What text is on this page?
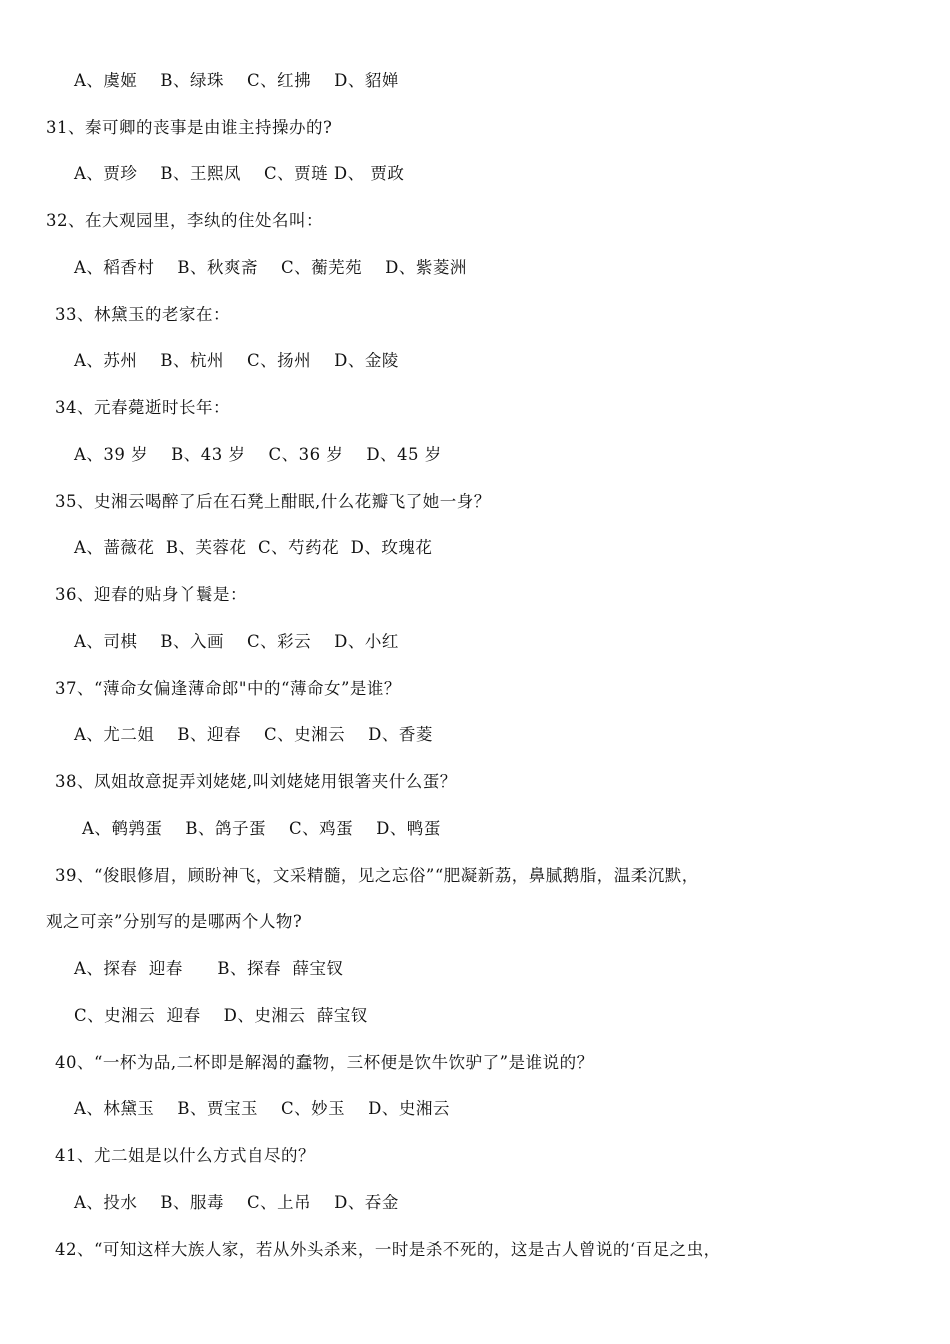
A、虞姬    B、绿珠    C、红拂    D、貂婵
31、秦可卿的丧事是由谁主持操办的?
A、贾珍    B、王熙凤    C、贾琏 D、 贾政
32、在大观园里，李纨的住处名叫：
A、稻香村    B、秋爽斋    C、蘅芜苑    D、紫菱洲
33、林黛玉的老家在：
A、苏州    B、杭州    C、扬州    D、金陵
34、元春薨逝时长年：
A、39 岁    B、43 岁    C、36 岁    D、45 岁
35、史湘云喝醉了后在石凳上酣眠,什么花瓣飞了她一身？
A、蔷薇花  B、芙蓉花  C、芍药花  D、玫瑰花
36、迎春的贴身丫鬟是：
A、司棋    B、入画    C、彩云    D、小红
37、“薄命女偏逢薄命郎"中的“薄命女”是谁？
A、尤二姐    B、迎春    C、史湘云    D、香菱
38、凤姐故意捉弄刘姥姥,叫刘姥姥用银箸夹什么蛋？
A、鹌鹑蛋    B、鸽子蛋    C、鸡蛋    D、鸭蛋
39、“俊眼修眉，顾盼神飞，文采精髓，见之忘俗”“肥凝新荔，鼻腻鹅脂，温柔沉默，
观之可亲”分别写的是哪两个人物?
A、探春  迎春      B、探春  薛宝钗
C、史湘云  迎春    D、史湘云  薛宝钗
40、“一杯为品,二杯即是解渴的蠢物，三杯便是饮牛饮驴了”是谁说的？
A、林黛玉    B、贾宝玉    C、妙玉    D、史湘云
41、尤二姐是以什么方式自尽的？
A、投水    B、服毒    C、上吊    D、吞金
42、“可知这样大族人家，若从外头杀来，一时是杀不死的，这是古人曾说的‘百足之虫，
